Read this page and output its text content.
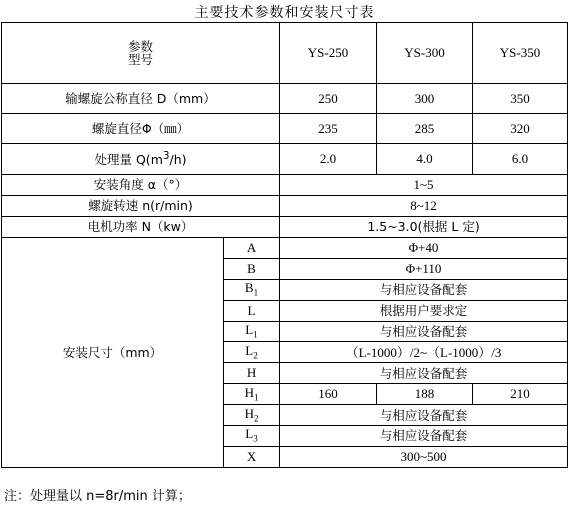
主要技术参数和安装尺寸表
参数
型号		YS-250	YS-300	YS-350
输螺旋公称直径 D（mm）		250	300	350
螺旋直径Φ（㎜）		235	285	320
处理量 $Q(m^3/h)$		2.0	4.0	6.0
安装角度 α（°）		1~5		
螺旋转速 n(r/min)		8~12		
电机功率 N（kw）		1.5~3.0(根据 L 定)		
安装尺寸（mm）	A	Φ+40		
	B	Φ+110		
	$B_1$	与相应设备配套		
	L	根据用户要求定		
	$L_1$	与相应设备配套		
	$L_2$	（L-1000）/2~（L-1000）/3		
	H	与相应设备配套		
	$H_1$	160	188	210
	$H_2$	与相应设备配套		
	$L_3$	与相应设备配套		
	X	300~500		
注：处理量以 n=8r/min 计算；
